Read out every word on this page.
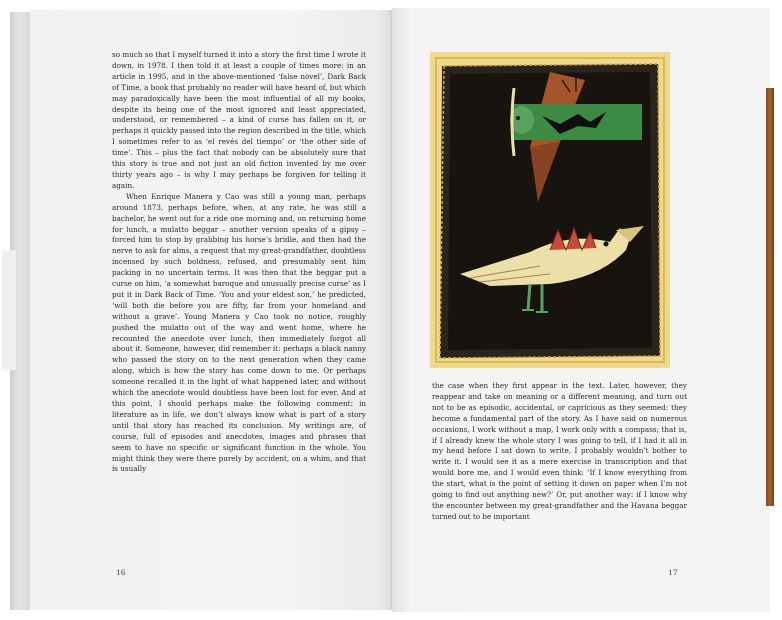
so much so that I myself turned it into a story the first time I wrote it down, in 1978. I then told it at least a couple of times more: in an article in 1995, and in the above-mentioned ‘false novel’, Dark Back of Time, a book that probably no reader will have heard of, but which may paradoxically have been the most influential of all my books, despite its being one of the most ignored and least appreciated, understood, or remembered – a kind of curse has fallen on it, or perhaps it quickly passed into the region described in the title, which I sometimes refer to as ‘el revés del tiempo’ or ‘the other side of time’. This – plus the fact that nobody can be absolutely sure that this story is true and not just an old fiction invented by me over thirty years ago – is why I may perhaps be forgiven for telling it again.

When Enrique Manera y Cao was still a young man, perhaps around 1873, perhaps before, when, at any rate, he was still a bachelor, he went out for a ride one morning and, on returning home for lunch, a mulatto beggar – another version speaks of a gipsy – forced him to stop by grabbing his horse’s bridle, and then had the nerve to ask for alms, a request that my great-grandfather, doubtless incensed by such boldness, refused, and presumably sent him packing in no uncertain terms. It was then that the beggar put a curse on him, ‘a somewhat baroque and unusually precise curse’ as I put it in Dark Back of Time. ‘You and your eldest son,’ he predicted, ‘will both die before you are fifty, far from your homeland and without a grave’. Young Manera y Cao took no notice, roughly pushed the mulatto out of the way and went home, where he recounted the anecdote over lunch, then immediately forgot all about it. Someone, however, did remember it: perhaps a black nanny who passed the story on to the next generation when they came along, which is how the story has come down to me. Or perhaps someone recalled it in the light of what happened later, and without which the anecdote would doubtless have been lost for ever. And at this point, I should perhaps make the following comment: in literature as in life, we don’t always know what is part of a story until that story has reached its conclusion. My writings are, of course, full of episodes and anecdotes, images and phrases that seem to have no specific or significant function in the whole. You might think they were there purely by accident, on a whim, and that is usually

16

the case when they first appear in the text. Later, however, they reappear and take on meaning or a different meaning, and turn out not to be as episodic, accidental, or capricious as they seemed: they become a fundamental part of the story. As I have said on numerous occasions, I work without a map, I work only with a compass; that is, if I already knew the whole story I was going to tell, if I had it all in my head before I sat down to write, I probably wouldn’t bother to write it. I would see it as a mere exercise in transcription and that would bore me, and I would even think: ‘If I know everything from the start, what is the point of setting it down on paper when I’m not going to find out anything new?’ Or, put another way: if I know why the encounter between my great-grandfather and the Havana beggar turned out to be important

17
